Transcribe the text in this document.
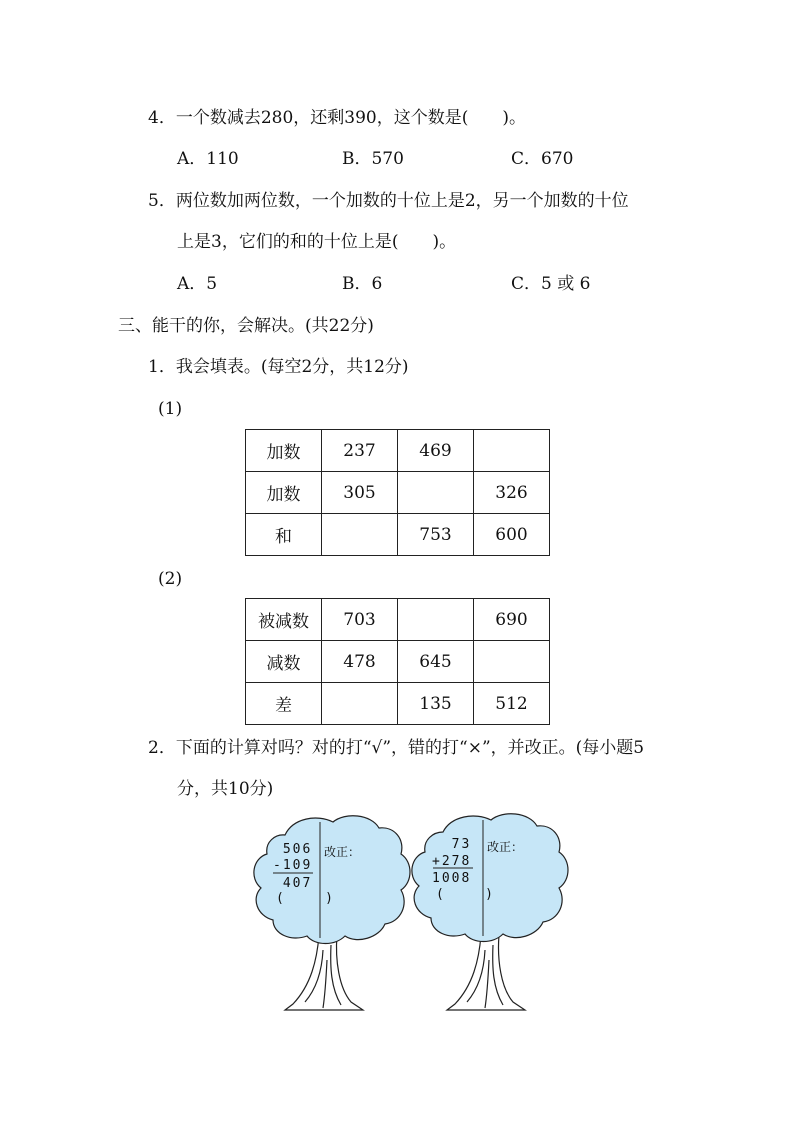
4．一个数减去280，还剩390，这个数是(　　)。
A．110	B．570	C．670
5．两位数加两位数，一个加数的十位上是2，另一个加数的十位
上是3，它们的和的十位上是(　　)。
A．5	B．6	C．5 或 6
三、能干的你，会解决。(共22分)
1．我会填表。(每空2分，共12分)
(1)
加数	237	469	
加数	305		326
和		753	600
(2)
被减数	703		690
减数	478	645	
差		135	512
2．下面的计算对吗？对的打“√”，错的打“×”，并改正。(每小题5
分，共10分)
506
-109
407
(    )
改正：	73
+278
1008
(    )
改正：
